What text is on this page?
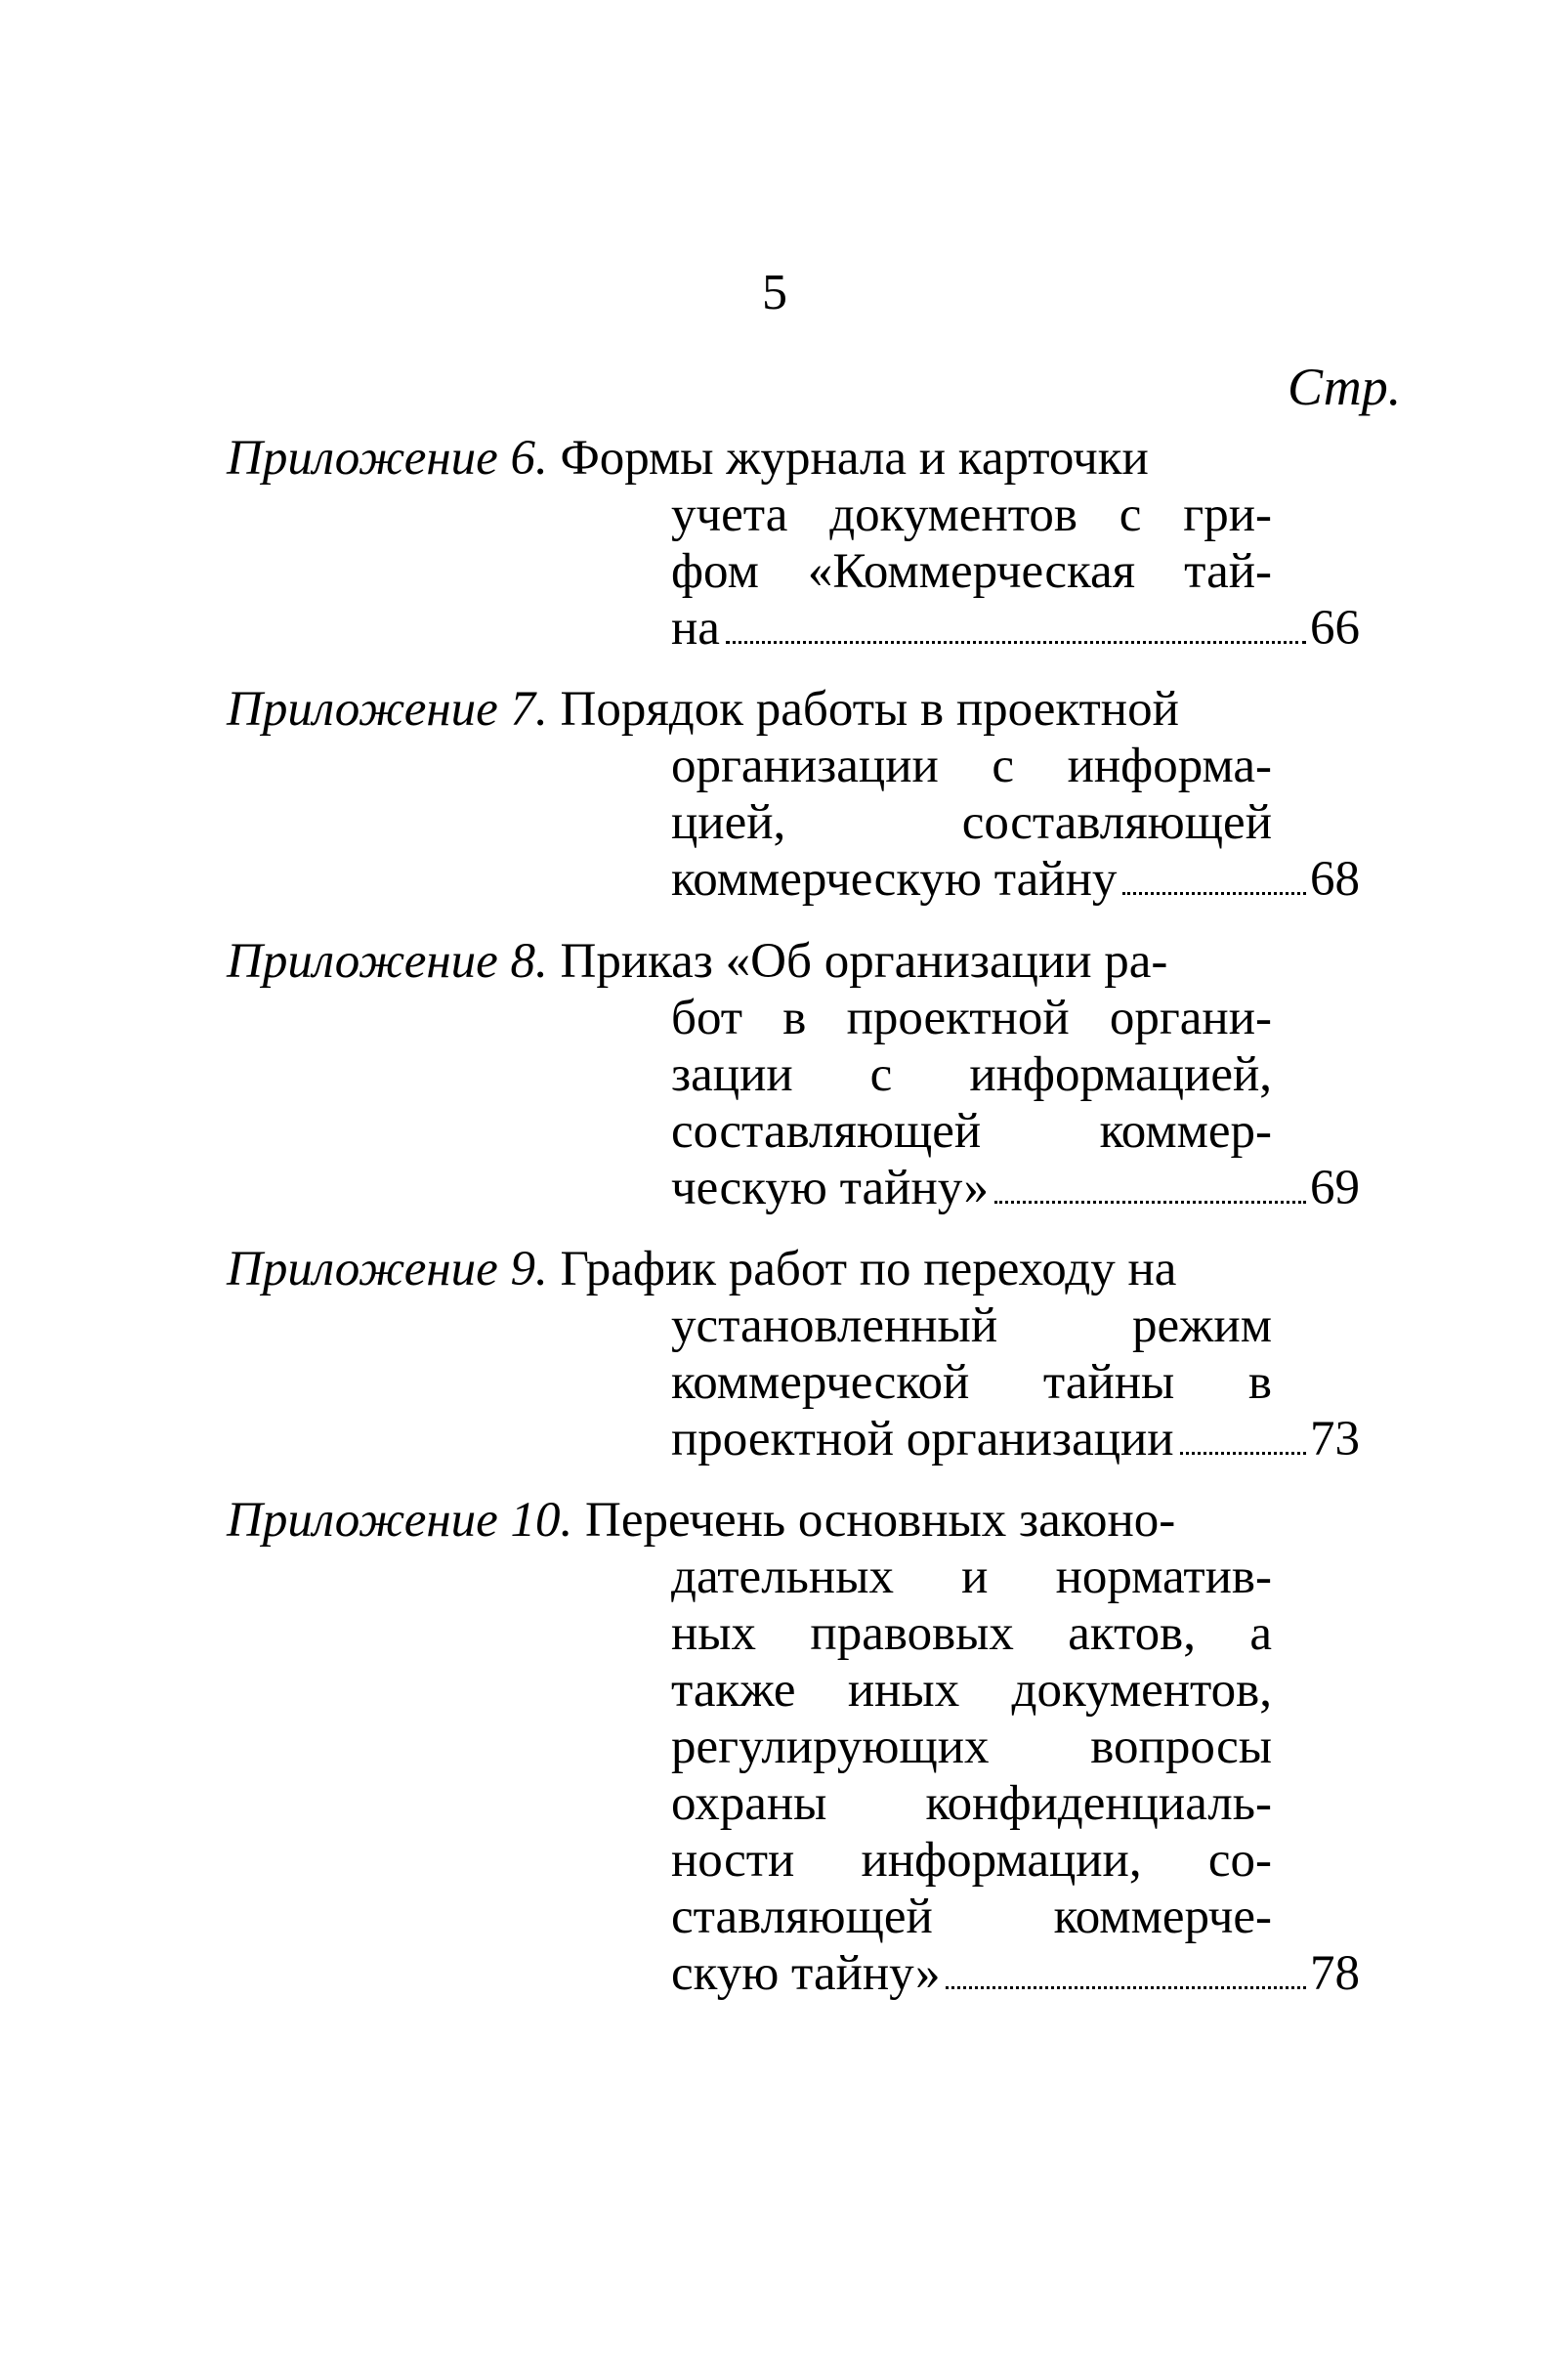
5
Стр.
Приложение 6.
Формы журнала и карточки
учета документов с гри-
фом «Коммерческая тай-
на	66
Приложение 7.
Порядок работы в проектной
организации с информа-
цией,	составляющей
коммерческую тайну	68
Приложение 8.
Приказ «Об организации ра-
бот в проектной органи-
зации с информацией,
составляющей коммер-
ческую тайну»	69
Приложение 9.
График работ по переходу на
установленный	режим
коммерческой тайны в
проектной организации	73
Приложение 10.
Перечень основных законо-
дательных и норматив-
ных правовых актов, а
также иных документов,
регулирующих вопросы
охраны конфиденциаль-
ности информации, со-
ставляющей коммерче-
скую тайну»	78
